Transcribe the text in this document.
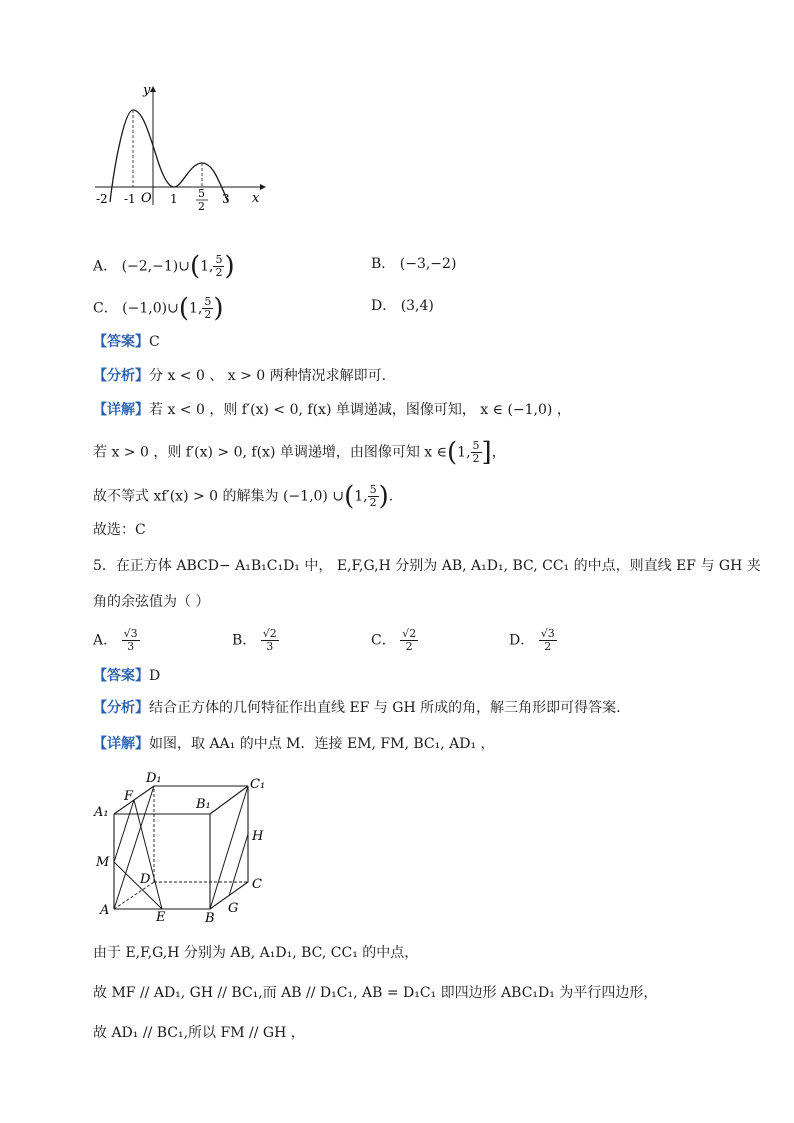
y
x
O
-2 -1	1 5
2
3
A． (−2,−1)∪(1, $\frac{5}{2}$ )	B． (−3,−2)
C． (−1,0)∪(1, $\frac{5}{2}$ )	D． (3,4)
【答案】C
【分析】分 x < 0 、 x > 0 两种情况求解即可.
【详解】若 x < 0 ，则 f′(x) < 0, f(x) 单调递减，图像可知， x ∈ (−1,0) ，
若 x > 0 ，则 f′(x) > 0, f(x) 单调递增，由图像可知 x ∈(1, $\frac{5}{2}$ ]，
故不等式 xf′(x) > 0 的解集为 (−1,0) ∪(1, $\frac{5}{2}$ ).
故选：C
5．在正方体 ABCD− A₁B₁C₁D₁ 中， E,F,G,H 分别为 AB, A₁D₁, BC, CC₁ 的中点，则直线 EF 与 GH 夹
角的余弦值为（ ）
A． $\frac{√3}{3}$	B． $\frac{√2}{3}$	C． $\frac{√2}{2}$	D． $\frac{√3}{2}$
【答案】D
【分析】结合正方体的几何特征作出直线 EF 与 GH 所成的角，解三角形即可得答案.
【详解】如图，取 AA₁ 的中点 M．连接 EM, FM, BC₁, AD₁ ，
D₁	C₁
A₁
F
B₁
H
M
D	C
A	E	B
G
由于 E,F,G,H 分别为 AB, A₁D₁, BC, CC₁ 的中点，
故 MF // AD₁, GH // BC₁,而 AB // D₁C₁, AB = D₁C₁ 即四边形 ABC₁D₁ 为平行四边形，
故 AD₁ // BC₁,所以 FM // GH ，
